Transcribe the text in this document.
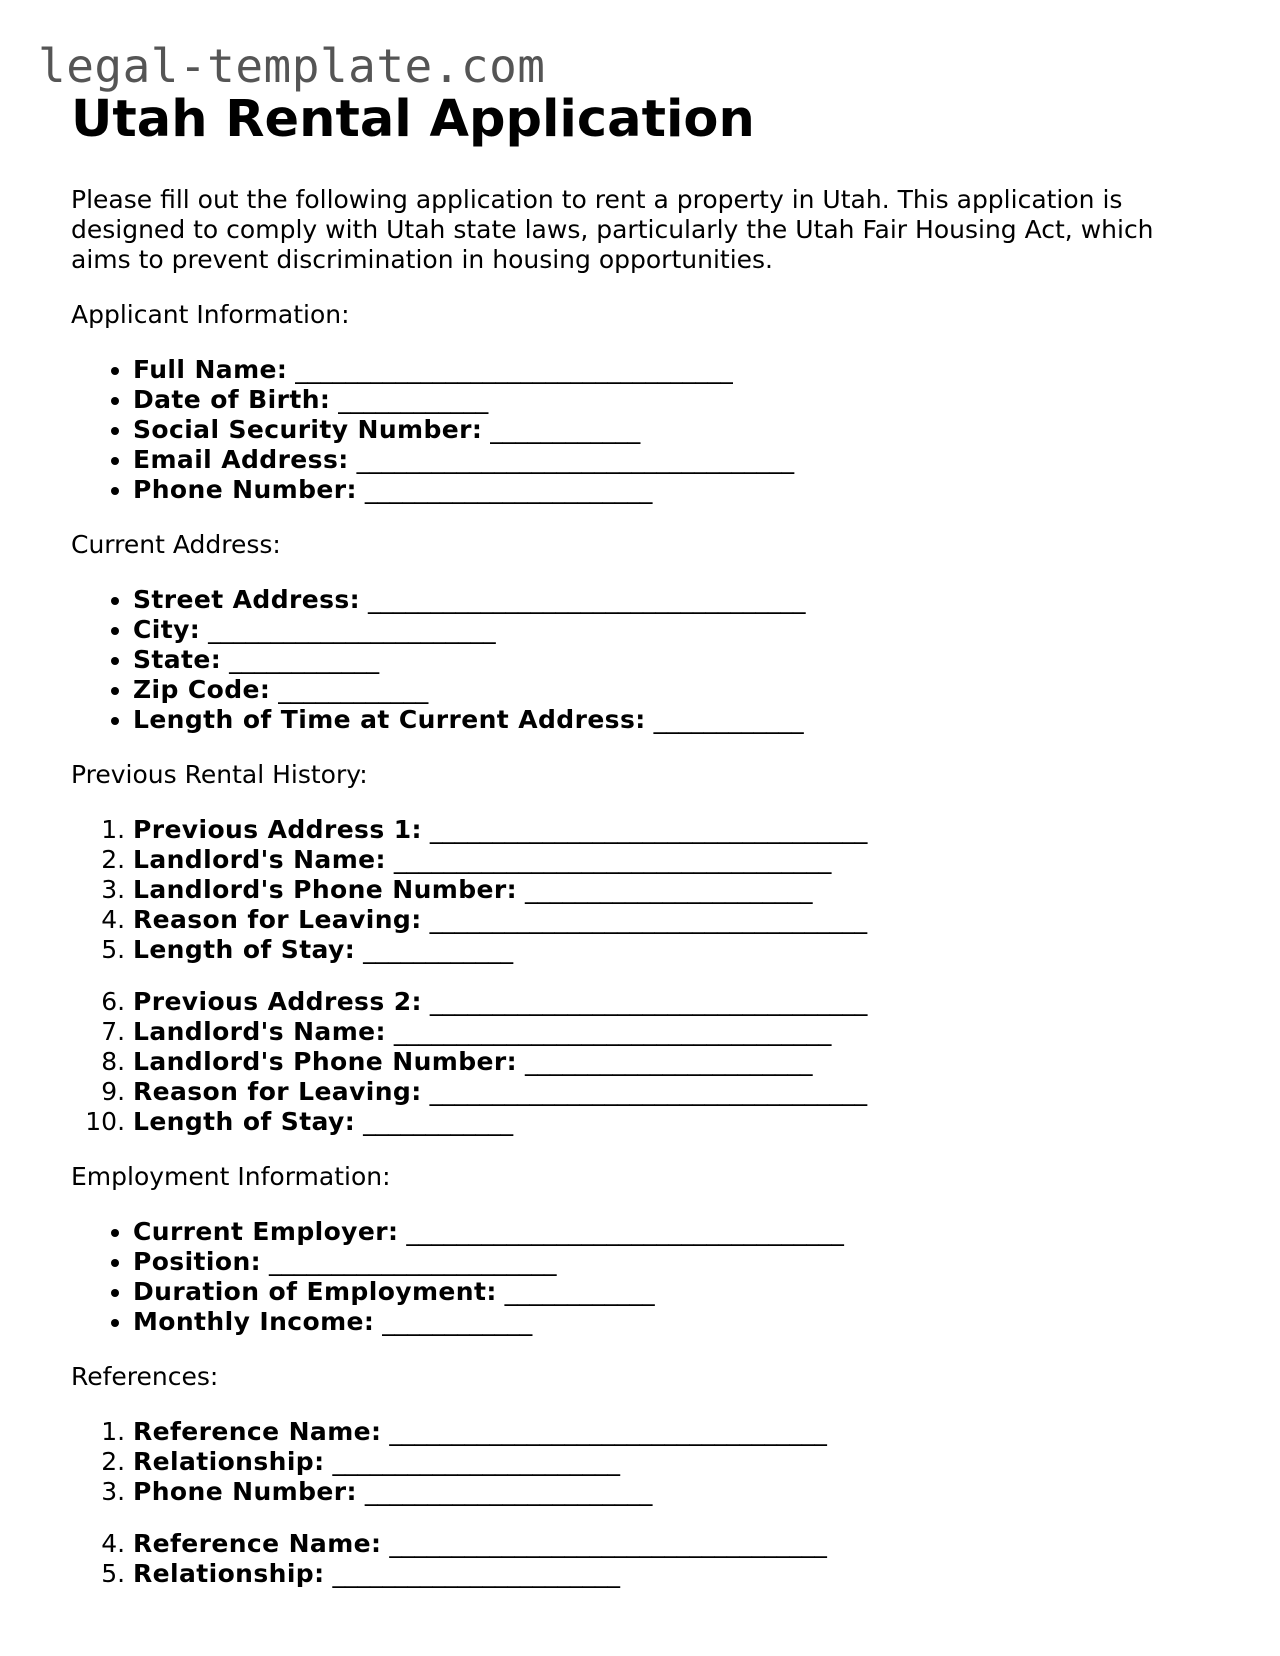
legal-template.com
Utah Rental Application

Please fill out the following application to rent a property in Utah. This application is designed to comply with Utah state laws, particularly the Utah Fair Housing Act, which aims to prevent discrimination in housing opportunities.

Applicant Information:

• Full Name: ___________________________________
• Date of Birth: ____________
• Social Security Number: ____________
• Email Address: ___________________________________
• Phone Number: _______________________

Current Address:

• Street Address: ___________________________________
• City: _______________________
• State: ____________
• Zip Code: ____________
• Length of Time at Current Address: ____________

Previous Rental History:

1. Previous Address 1: ___________________________________
2. Landlord's Name: ___________________________________
3. Landlord's Phone Number: _______________________
4. Reason for Leaving: ___________________________________
5. Length of Stay: ____________
6. Previous Address 2: ___________________________________
7. Landlord's Name: ___________________________________
8. Landlord's Phone Number: _______________________
9. Reason for Leaving: ___________________________________
10. Length of Stay: ____________

Employment Information:

• Current Employer: ___________________________________
• Position: _______________________
• Duration of Employment: ____________
• Monthly Income: ____________

References:

1. Reference Name: ___________________________________
2. Relationship: _______________________
3. Phone Number: _______________________
4. Reference Name: ___________________________________
5. Relationship: _______________________
